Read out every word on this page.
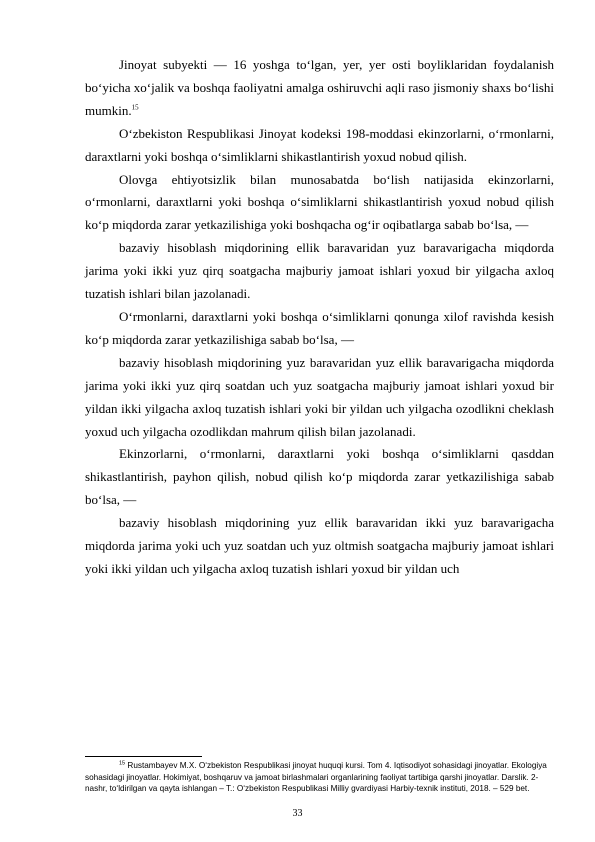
Jinoyat subyekti — 16 yoshga to‘lgan, yer, yer osti boyliklaridan foydalanish bo‘yicha xo‘jalik va boshqa faoliyatni amalga oshiruvchi aqli raso jismoniy shaxs bo‘lishi mumkin.$^{15}$

O‘zbekiston Respublikasi Jinoyat kodeksi 198-moddasi ekinzorlarni, o‘rmonlarni, daraxtlarni yoki boshqa o‘simliklarni shikastlantirish yoxud nobud qilish.

Olovga ehtiyotsizlik bilan munosabatda bo‘lish natijasida ekinzorlarni, o‘rmonlarni, daraxtlarni yoki boshqa o‘simliklarni shikastlantirish yoxud nobud qilish ko‘p miqdorda zarar yetkazilishiga yoki boshqacha og‘ir oqibatlarga sabab bo‘lsa, —

bazaviy hisoblash miqdorining ellik baravaridan yuz baravarigacha miqdorda jarima yoki ikki yuz qirq soatgacha majburiy jamoat ishlari yoxud bir yilgacha axloq tuzatish ishlari bilan jazolanadi.

O‘rmonlarni, daraxtlarni yoki boshqa o‘simliklarni qonunga xilof ravishda kesish ko‘p miqdorda zarar yetkazilishiga sabab bo‘lsa, —

bazaviy hisoblash miqdorining yuz baravaridan yuz ellik baravarigacha miqdorda jarima yoki ikki yuz qirq soatdan uch yuz soatgacha majburiy jamoat ishlari yoxud bir yildan ikki yilgacha axloq tuzatish ishlari yoki bir yildan uch yilgacha ozodlikni cheklash yoxud uch yilgacha ozodlikdan mahrum qilish bilan jazolanadi.

Ekinzorlarni, o‘rmonlarni, daraxtlarni yoki boshqa o‘simliklarni qasddan shikastlantirish, payhon qilish, nobud qilish ko‘p miqdorda zarar yetkazilishiga sabab bo‘lsa, —

bazaviy hisoblash miqdorining yuz ellik baravaridan ikki yuz baravarigacha miqdorda jarima yoki uch yuz soatdan uch yuz oltmish soatgacha majburiy jamoat ishlari yoki ikki yildan uch yilgacha axloq tuzatish ishlari yoxud bir yildan uch

$^{15}$ Rustambayev M.X. O‘zbekiston Respublikasi jinoyat huquqi kursi. Tom 4. Iqtisodiyot sohasidagi jinoyatlar. Ekologiya sohasidagi jinoyatlar. Hokimiyat, boshqaruv va jamoat birlashmalari organlarining faoliyat tartibiga qarshi jinoyatlar. Darslik. 2-nashr, to‘ldirilgan va qayta ishlangan – T.: O‘zbekiston Respublikasi Milliy gvardiyasi Harbiy-texnik instituti, 2018. – 529 bet.

33
